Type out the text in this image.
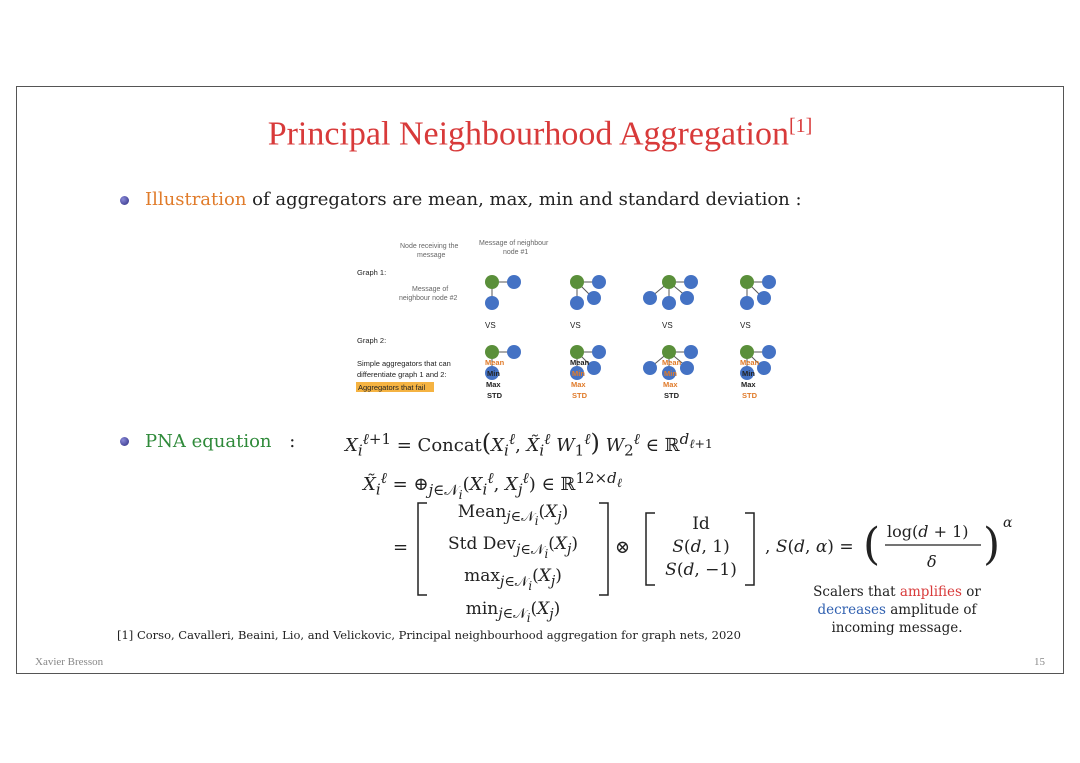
Principal Neighbourhood Aggregation[1]
Illustration of aggregators are mean, max, min and standard deviation :
Node receiving the
message
Message of neighbour
node #1
Message of
neighbour node #2
Graph 1:
Graph 2:
Simple aggregators that can
differentiate graph 1 and 2:
Aggregators that fail
VS	VS	VS	VS
Mean
Min
Max
STD
Mean
Min
Max
STD
Mean
Min
Max
STD
Mean
Min
Max
STD
PNA equation :	$X_i^{\ell+1}$ = $Concat(X_i^\ell$, $X̃_i^\ell$ $W_1^\ell$) $W_2^\ell$ ∈ ℝ$^{d_{\ell+1}}$
$X̃_i^\ell$ = $\oplus_{j\in 𝒩_i}(X_i^\ell$, $X_j^\ell$) ∈ ℝ$^{12\times d_\ell}$
=
$Mean_{j\in 𝒩_i}(X_j)$
Std $Dev_{j\in 𝒩_i}(X_j)$
$\max_{j\in 𝒩_i}(X_j)$
$\min_{j\in 𝒩_i}(X_j)$
⊗
Id
S(d, 1)
S(d, −1)
, S(d, α) = ( ) α
log(d + 1)
δ
Scalers that amplifies or
decreases amplitude of
incoming message.
[1] Corso, Cavalleri, Beaini, Lio, and Velickovic, Principal neighbourhood aggregation for graph nets, 2020
Xavier Bresson	15
